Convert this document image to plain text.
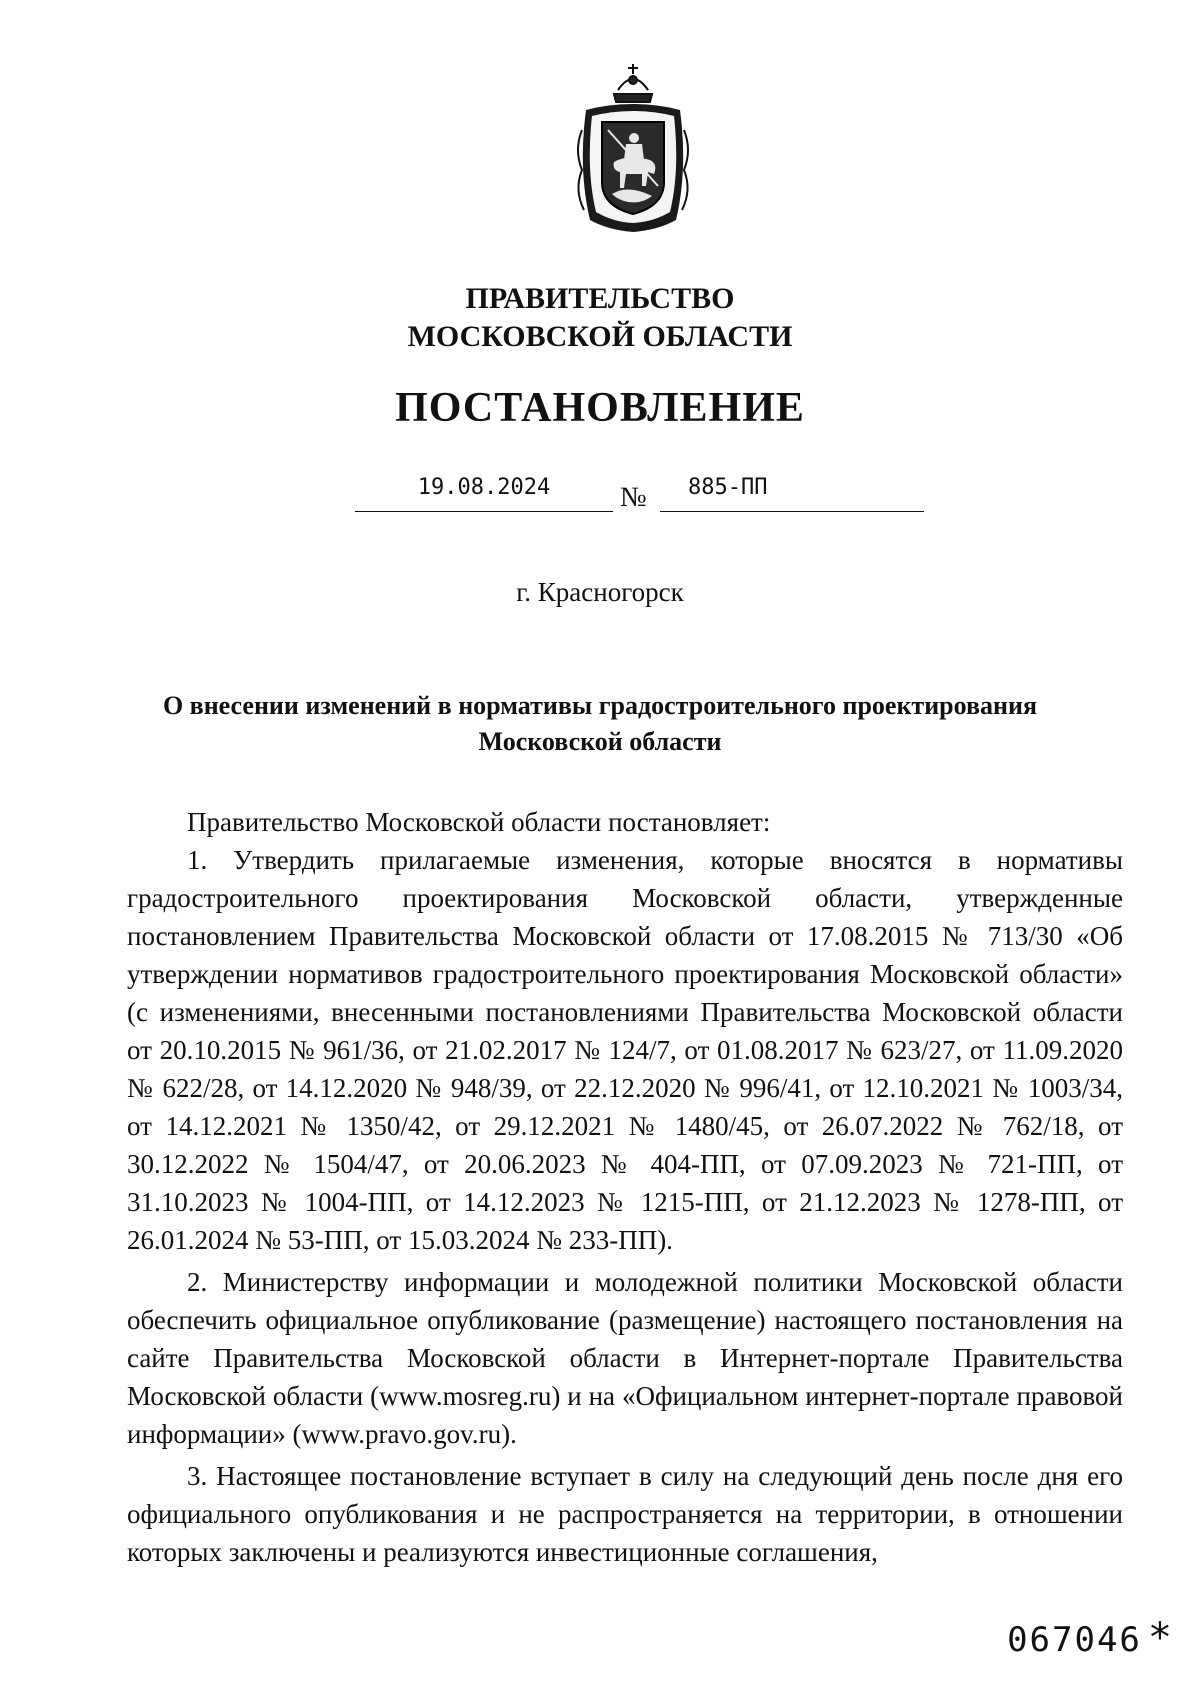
ПРАВИТЕЛЬСТВО
МОСКОВСКОЙ ОБЛАСТИ
ПОСТАНОВЛЕНИЕ
19.08.2024	№ 885-ПП
г. Красногорск
О внесении изменений в нормативы градостроительного проектирования
Московской области

Правительство Московской области постановляет:

1. Утвердить прилагаемые изменения, которые вносятся в нормативы градостроительного проектирования Московской области, утвержденные постановлением Правительства Московской области от 17.08.2015 № 713/30 «Об утверждении нормативов градостроительного проектирования Московской области» (с изменениями, внесенными постановлениями Правительства Московской области от 20.10.2015 № 961/36, от 21.02.2017 № 124/7, от 01.08.2017 № 623/27, от 11.09.2020 № 622/28, от 14.12.2020 № 948/39, от 22.12.2020 № 996/41, от 12.10.2021 № 1003/34, от 14.12.2021 № 1350/42, от 29.12.2021 № 1480/45, от 26.07.2022 № 762/18, от 30.12.2022 № 1504/47, от 20.06.2023 № 404-ПП, от 07.09.2023 № 721-ПП, от 31.10.2023 № 1004-ПП, от 14.12.2023 № 1215-ПП, от 21.12.2023 № 1278-ПП, от 26.01.2024 № 53-ПП, от 15.03.2024 № 233-ПП).

2. Министерству информации и молодежной политики Московской области обеспечить официальное опубликование (размещение) настоящего постановления на сайте Правительства Московской области в Интернет-портале Правительства Московской области (www.mosreg.ru) и на «Официальном интернет-портале правовой информации» (www.pravo.gov.ru).

3. Настоящее постановление вступает в силу на следующий день после дня его официального опубликования и не распространяется на территории, в отношении которых заключены и реализуются инвестиционные соглашения,

067046 *
